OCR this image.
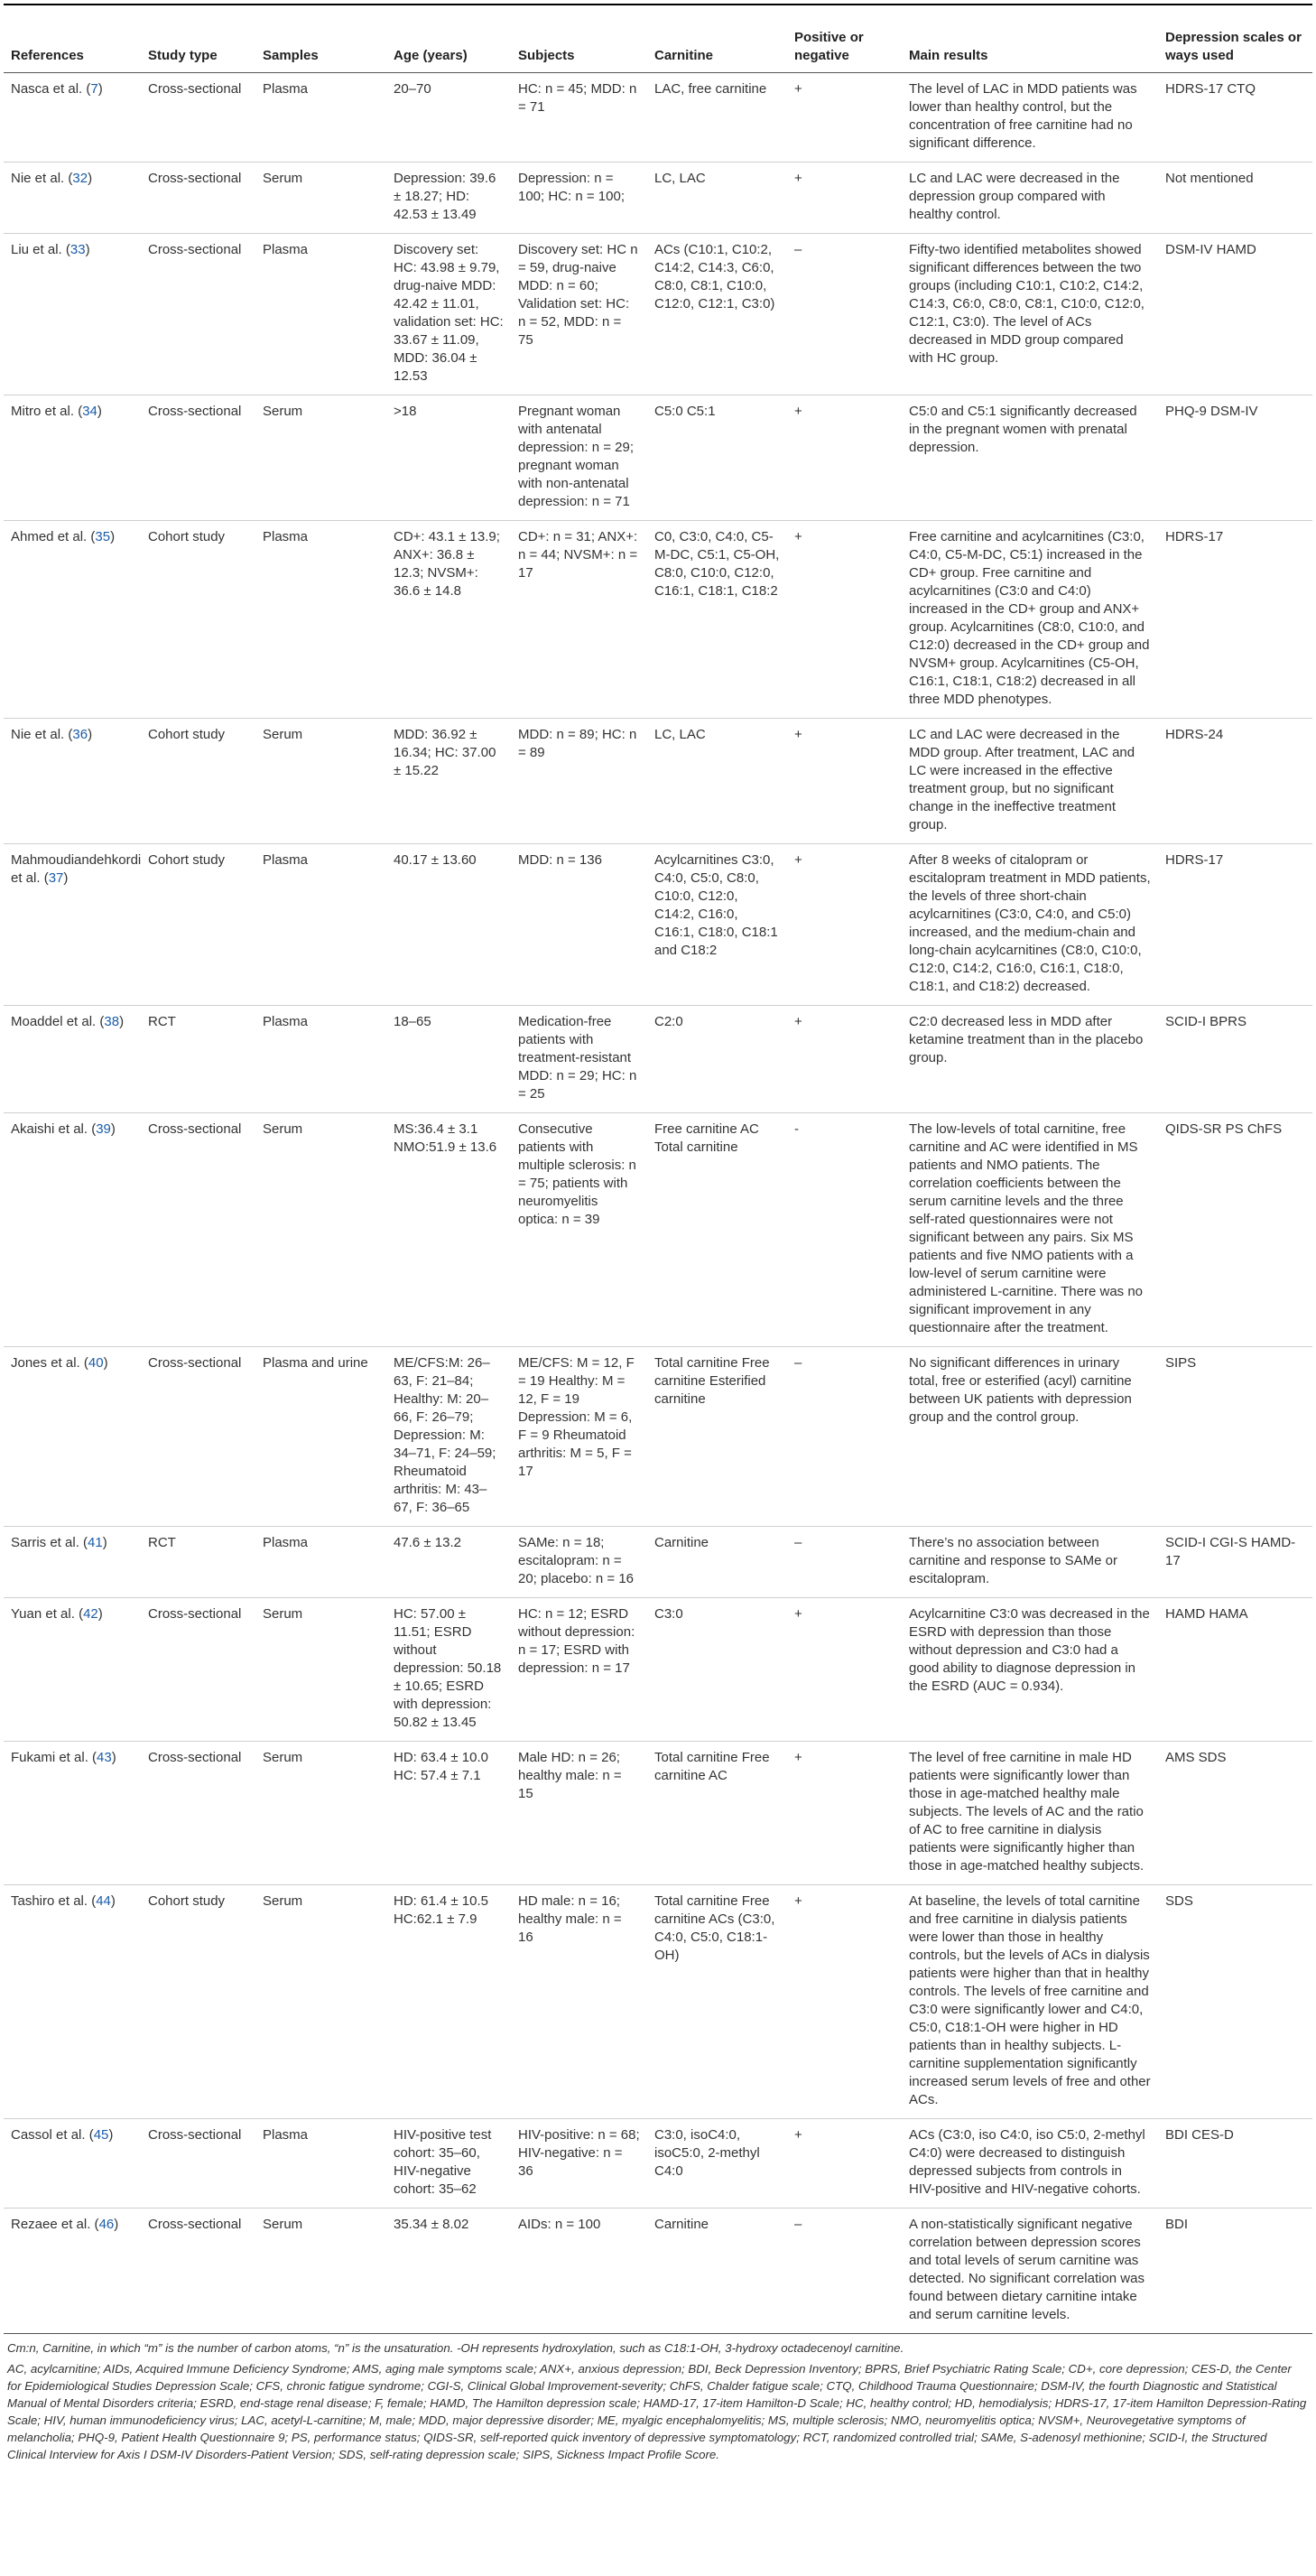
References	Study type	Samples	Age (years)	Subjects	Carnitine	Positive or negative	Main results	Depression scales or ways used
Nasca et al. (7)	Cross-sectional	Plasma	20–70	HC: n = 45; MDD: n = 71	LAC, free carnitine	+	The level of LAC in MDD patients was lower than healthy control, but the concentration of free carnitine had no significant difference.	HDRS-17 CTQ
Nie et al. (32)	Cross-sectional	Serum	Depression: 39.6 ± 18.27; HD: 42.53 ± 13.49	Depression: n = 100; HC: n = 100;	LC, LAC	+	LC and LAC were decreased in the depression group compared with healthy control.	Not mentioned
Liu et al. (33)	Cross-sectional	Plasma	Discovery set: HC: 43.98 ± 9.79, drug-naive MDD: 42.42 ± 11.01, validation set: HC: 33.67 ± 11.09, MDD: 36.04 ± 12.53	Discovery set: HC n = 59, drug-naive MDD: n = 60; Validation set: HC: n = 52, MDD: n = 75	ACs (C10:1, C10:2, C14:2, C14:3, C6:0, C8:0, C8:1, C10:0, C12:0, C12:1, C3:0)	–	Fifty-two identified metabolites showed significant differences between the two groups (including C10:1, C10:2, C14:2, C14:3, C6:0, C8:0, C8:1, C10:0, C12:0, C12:1, C3:0). The level of ACs decreased in MDD group compared with HC group.	DSM-IV HAMD
Mitro et al. (34)	Cross-sectional	Serum	>18	Pregnant woman with antenatal depression: n = 29; pregnant woman with non-antenatal depression: n = 71	C5:0 C5:1	+	C5:0 and C5:1 significantly decreased in the pregnant women with prenatal depression.	PHQ-9 DSM-IV
Ahmed et al. (35)	Cohort study	Plasma	CD+: 43.1 ± 13.9; ANX+: 36.8 ± 12.3; NVSM+: 36.6 ± 14.8	CD+: n = 31; ANX+: n = 44; NVSM+: n = 17	C0, C3:0, C4:0, C5-M-DC, C5:1, C5-OH, C8:0, C10:0, C12:0, C16:1, C18:1, C18:2	+	Free carnitine and acylcarnitines (C3:0, C4:0, C5-M-DC, C5:1) increased in the CD+ group. Free carnitine and acylcarnitines (C3:0 and C4:0) increased in the CD+ group and ANX+ group. Acylcarnitines (C8:0, C10:0, and C12:0) decreased in the CD+ group and NVSM+ group. Acylcarnitines (C5-OH, C16:1, C18:1, C18:2) decreased in all three MDD phenotypes.	HDRS-17
Nie et al. (36)	Cohort study	Serum	MDD: 36.92 ± 16.34; HC: 37.00 ± 15.22	MDD: n = 89; HC: n = 89	LC, LAC	+	LC and LAC were decreased in the MDD group. After treatment, LAC and LC were increased in the effective treatment group, but no significant change in the ineffective treatment group.	HDRS-24
Mahmoudiandehkordi et al. (37)	Cohort study	Plasma	40.17 ± 13.60	MDD: n = 136	Acylcarnitines C3:0, C4:0, C5:0, C8:0, C10:0, C12:0, C14:2, C16:0, C16:1, C18:0, C18:1 and C18:2	+	After 8 weeks of citalopram or escitalopram treatment in MDD patients, the levels of three short-chain acylcarnitines (C3:0, C4:0, and C5:0) increased, and the medium-chain and long-chain acylcarnitines (C8:0, C10:0, C12:0, C14:2, C16:0, C16:1, C18:0, C18:1, and C18:2) decreased.	HDRS-17
Moaddel et al. (38)	RCT	Plasma	18–65	Medication-free patients with treatment-resistant MDD: n = 29; HC: n = 25	C2:0	+	C2:0 decreased less in MDD after ketamine treatment than in the placebo group.	SCID-I BPRS
Akaishi et al. (39)	Cross-sectional	Serum	MS:36.4 ± 3.1 NMO:51.9 ± 13.6	Consecutive patients with multiple sclerosis: n = 75; patients with neuromyelitis optica: n = 39	Free carnitine AC Total carnitine	-	The low-levels of total carnitine, free carnitine and AC were identified in MS patients and NMO patients. The correlation coefficients between the serum carnitine levels and the three self-rated questionnaires were not significant between any pairs. Six MS patients and five NMO patients with a low-level of serum carnitine were administered L-carnitine. There was no significant improvement in any questionnaire after the treatment.	QIDS-SR PS ChFS
Jones et al. (40)	Cross-sectional	Plasma and urine	ME/CFS:M: 26–63, F: 21–84; Healthy: M: 20–66, F: 26–79; Depression: M: 34–71, F: 24–59; Rheumatoid arthritis: M: 43–67, F: 36–65	ME/CFS: M = 12, F = 19 Healthy: M = 12, F = 19 Depression: M = 6, F = 9 Rheumatoid arthritis: M = 5, F = 17	Total carnitine Free carnitine Esterified carnitine	–	No significant differences in urinary total, free or esterified (acyl) carnitine between UK patients with depression group and the control group.	SIPS
Sarris et al. (41)	RCT	Plasma	47.6 ± 13.2	SAMe: n = 18; escitalopram: n = 20; placebo: n = 16	Carnitine	–	There’s no association between carnitine and response to SAMe or escitalopram.	SCID-I CGI-S HAMD-17
Yuan et al. (42)	Cross-sectional	Serum	HC: 57.00 ± 11.51; ESRD without depression: 50.18 ± 10.65; ESRD with depression: 50.82 ± 13.45	HC: n = 12; ESRD without depression: n = 17; ESRD with depression: n = 17	C3:0	+	Acylcarnitine C3:0 was decreased in the ESRD with depression than those without depression and C3:0 had a good ability to diagnose depression in the ESRD (AUC = 0.934).	HAMD HAMA
Fukami et al. (43)	Cross-sectional	Serum	HD: 63.4 ± 10.0 HC: 57.4 ± 7.1	Male HD: n = 26; healthy male: n = 15	Total carnitine Free carnitine AC	+	The level of free carnitine in male HD patients were significantly lower than those in age-matched healthy male subjects. The levels of AC and the ratio of AC to free carnitine in dialysis patients were significantly higher than those in age-matched healthy subjects.	AMS SDS
Tashiro et al. (44)	Cohort study	Serum	HD: 61.4 ± 10.5 HC:62.1 ± 7.9	HD male: n = 16; healthy male: n = 16	Total carnitine Free carnitine ACs (C3:0, C4:0, C5:0, C18:1-OH)	+	At baseline, the levels of total carnitine and free carnitine in dialysis patients were lower than those in healthy controls, but the levels of ACs in dialysis patients were higher than that in healthy controls. The levels of free carnitine and C3:0 were significantly lower and C4:0, C5:0, C18:1-OH were higher in HD patients than in healthy subjects. L-carnitine supplementation significantly increased serum levels of free and other ACs.	SDS
Cassol et al. (45)	Cross-sectional	Plasma	HIV-positive test cohort: 35–60, HIV-negative cohort: 35–62	HIV-positive: n = 68; HIV-negative: n = 36	C3:0, isoC4:0, isoC5:0, 2-methyl C4:0	+	ACs (C3:0, iso C4:0, iso C5:0, 2-methyl C4:0) were decreased to distinguish depressed subjects from controls in HIV-positive and HIV-negative cohorts.	BDI CES-D
Rezaee et al. (46)	Cross-sectional	Serum	35.34 ± 8.02	AIDs: n = 100	Carnitine	–	A non-statistically significant negative correlation between depression scores and total levels of serum carnitine was detected. No significant correlation was found between dietary carnitine intake and serum carnitine levels.	BDI

Cm:n, Carnitine, in which “m” is the number of carbon atoms, “n” is the unsaturation. -OH represents hydroxylation, such as C18:1-OH, 3-hydroxy octadecenoyl carnitine.

AC, acylcarnitine; AIDs, Acquired Immune Deficiency Syndrome; AMS, aging male symptoms scale; ANX+, anxious depression; BDI, Beck Depression Inventory; BPRS, Brief Psychiatric Rating Scale; CD+, core depression; CES-D, the Center for Epidemiological Studies Depression Scale; CFS, chronic fatigue syndrome; CGI-S, Clinical Global Improvement-severity; ChFS, Chalder fatigue scale; CTQ, Childhood Trauma Questionnaire; DSM-IV, the fourth Diagnostic and Statistical Manual of Mental Disorders criteria; ESRD, end-stage renal disease; F, female; HAMD, The Hamilton depression scale; HAMD-17, 17-item Hamilton-D Scale; HC, healthy control; HD, hemodialysis; HDRS-17, 17-item Hamilton Depression-Rating Scale; HIV, human immunodeficiency virus; LAC, acetyl-L-carnitine; M, male; MDD, major depressive disorder; ME, myalgic encephalomyelitis; MS, multiple sclerosis; NMO, neuromyelitis optica; NVSM+, Neurovegetative symptoms of melancholia; PHQ-9, Patient Health Questionnaire 9; PS, performance status; QIDS-SR, self-reported quick inventory of depressive symptomatology; RCT, randomized controlled trial; SAMe, S-adenosyl methionine; SCID-I, the Structured Clinical Interview for Axis I DSM-IV Disorders-Patient Version; SDS, self-rating depression scale; SIPS, Sickness Impact Profile Score.
